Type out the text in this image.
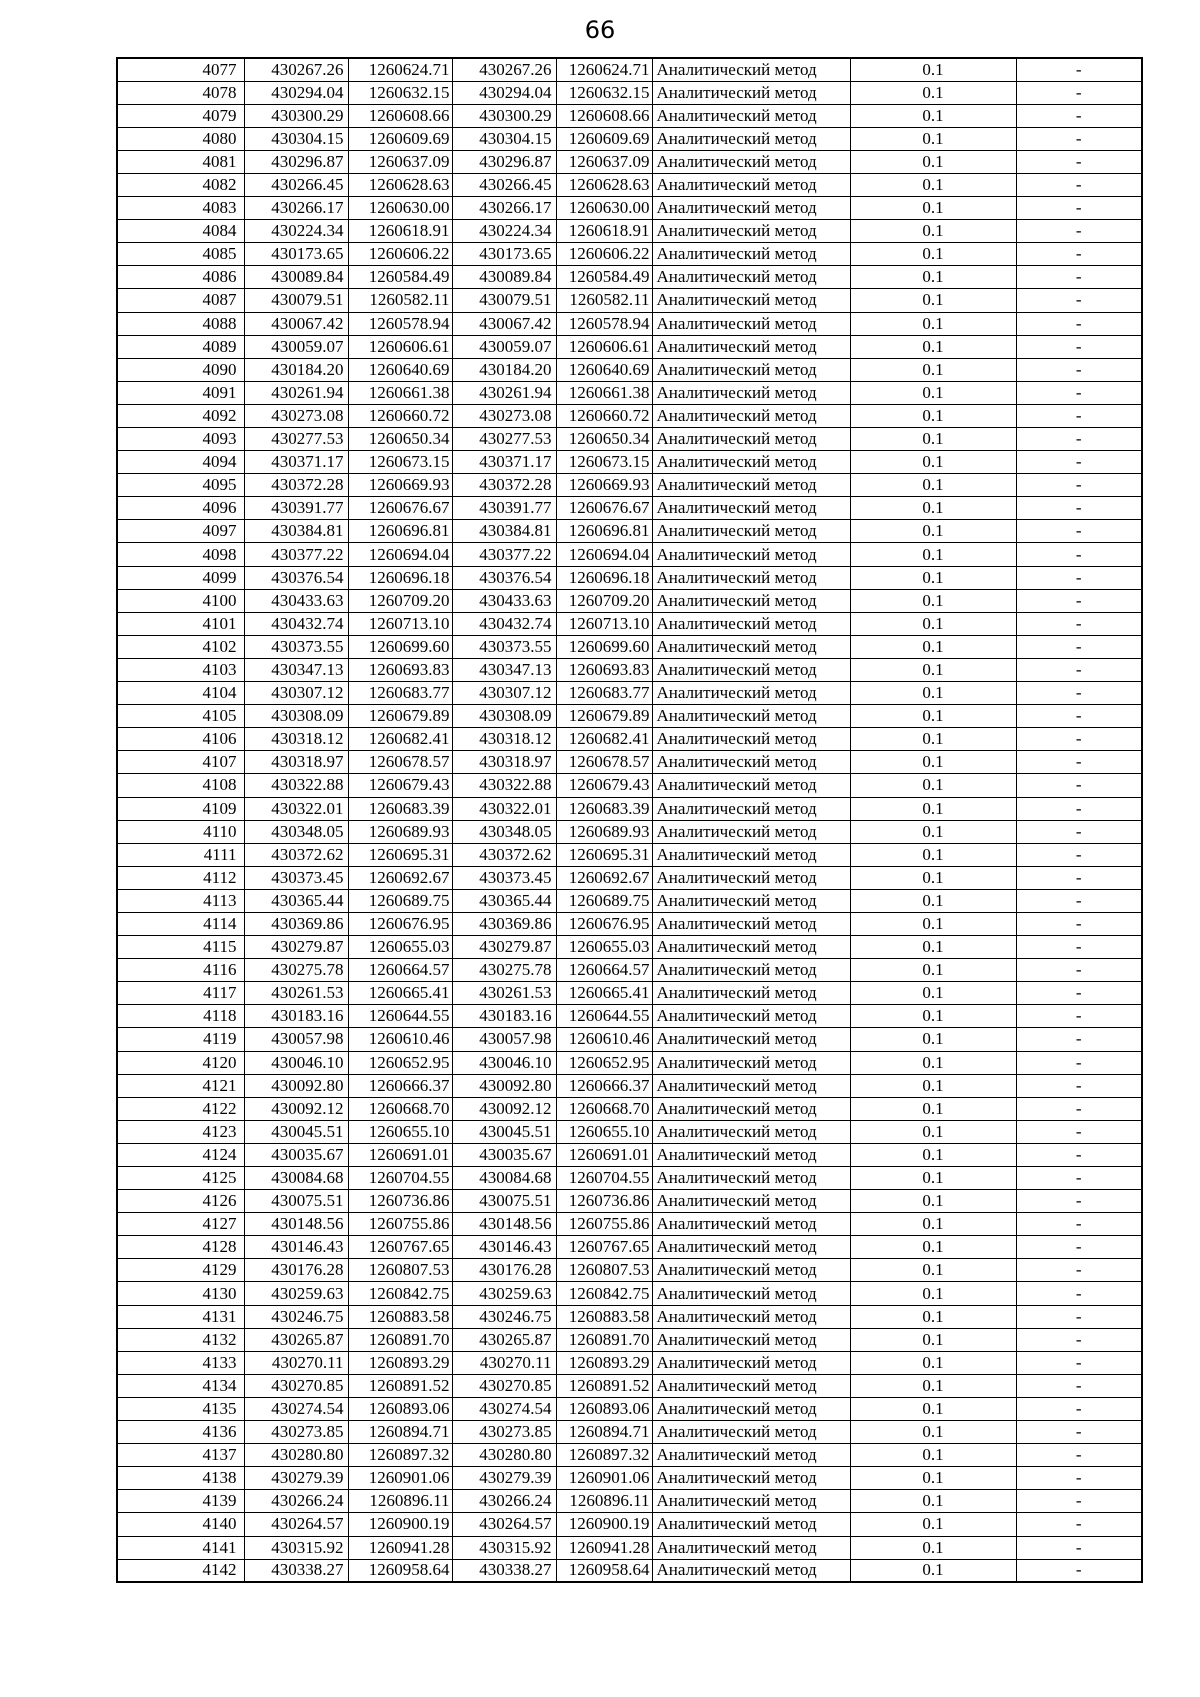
66
4077	430267.26	1260624.71	430267.26	1260624.71	Аналитический метод	0.1	-
4078	430294.04	1260632.15	430294.04	1260632.15	Аналитический метод	0.1	-
4079	430300.29	1260608.66	430300.29	1260608.66	Аналитический метод	0.1	-
4080	430304.15	1260609.69	430304.15	1260609.69	Аналитический метод	0.1	-
4081	430296.87	1260637.09	430296.87	1260637.09	Аналитический метод	0.1	-
4082	430266.45	1260628.63	430266.45	1260628.63	Аналитический метод	0.1	-
4083	430266.17	1260630.00	430266.17	1260630.00	Аналитический метод	0.1	-
4084	430224.34	1260618.91	430224.34	1260618.91	Аналитический метод	0.1	-
4085	430173.65	1260606.22	430173.65	1260606.22	Аналитический метод	0.1	-
4086	430089.84	1260584.49	430089.84	1260584.49	Аналитический метод	0.1	-
4087	430079.51	1260582.11	430079.51	1260582.11	Аналитический метод	0.1	-
4088	430067.42	1260578.94	430067.42	1260578.94	Аналитический метод	0.1	-
4089	430059.07	1260606.61	430059.07	1260606.61	Аналитический метод	0.1	-
4090	430184.20	1260640.69	430184.20	1260640.69	Аналитический метод	0.1	-
4091	430261.94	1260661.38	430261.94	1260661.38	Аналитический метод	0.1	-
4092	430273.08	1260660.72	430273.08	1260660.72	Аналитический метод	0.1	-
4093	430277.53	1260650.34	430277.53	1260650.34	Аналитический метод	0.1	-
4094	430371.17	1260673.15	430371.17	1260673.15	Аналитический метод	0.1	-
4095	430372.28	1260669.93	430372.28	1260669.93	Аналитический метод	0.1	-
4096	430391.77	1260676.67	430391.77	1260676.67	Аналитический метод	0.1	-
4097	430384.81	1260696.81	430384.81	1260696.81	Аналитический метод	0.1	-
4098	430377.22	1260694.04	430377.22	1260694.04	Аналитический метод	0.1	-
4099	430376.54	1260696.18	430376.54	1260696.18	Аналитический метод	0.1	-
4100	430433.63	1260709.20	430433.63	1260709.20	Аналитический метод	0.1	-
4101	430432.74	1260713.10	430432.74	1260713.10	Аналитический метод	0.1	-
4102	430373.55	1260699.60	430373.55	1260699.60	Аналитический метод	0.1	-
4103	430347.13	1260693.83	430347.13	1260693.83	Аналитический метод	0.1	-
4104	430307.12	1260683.77	430307.12	1260683.77	Аналитический метод	0.1	-
4105	430308.09	1260679.89	430308.09	1260679.89	Аналитический метод	0.1	-
4106	430318.12	1260682.41	430318.12	1260682.41	Аналитический метод	0.1	-
4107	430318.97	1260678.57	430318.97	1260678.57	Аналитический метод	0.1	-
4108	430322.88	1260679.43	430322.88	1260679.43	Аналитический метод	0.1	-
4109	430322.01	1260683.39	430322.01	1260683.39	Аналитический метод	0.1	-
4110	430348.05	1260689.93	430348.05	1260689.93	Аналитический метод	0.1	-
4111	430372.62	1260695.31	430372.62	1260695.31	Аналитический метод	0.1	-
4112	430373.45	1260692.67	430373.45	1260692.67	Аналитический метод	0.1	-
4113	430365.44	1260689.75	430365.44	1260689.75	Аналитический метод	0.1	-
4114	430369.86	1260676.95	430369.86	1260676.95	Аналитический метод	0.1	-
4115	430279.87	1260655.03	430279.87	1260655.03	Аналитический метод	0.1	-
4116	430275.78	1260664.57	430275.78	1260664.57	Аналитический метод	0.1	-
4117	430261.53	1260665.41	430261.53	1260665.41	Аналитический метод	0.1	-
4118	430183.16	1260644.55	430183.16	1260644.55	Аналитический метод	0.1	-
4119	430057.98	1260610.46	430057.98	1260610.46	Аналитический метод	0.1	-
4120	430046.10	1260652.95	430046.10	1260652.95	Аналитический метод	0.1	-
4121	430092.80	1260666.37	430092.80	1260666.37	Аналитический метод	0.1	-
4122	430092.12	1260668.70	430092.12	1260668.70	Аналитический метод	0.1	-
4123	430045.51	1260655.10	430045.51	1260655.10	Аналитический метод	0.1	-
4124	430035.67	1260691.01	430035.67	1260691.01	Аналитический метод	0.1	-
4125	430084.68	1260704.55	430084.68	1260704.55	Аналитический метод	0.1	-
4126	430075.51	1260736.86	430075.51	1260736.86	Аналитический метод	0.1	-
4127	430148.56	1260755.86	430148.56	1260755.86	Аналитический метод	0.1	-
4128	430146.43	1260767.65	430146.43	1260767.65	Аналитический метод	0.1	-
4129	430176.28	1260807.53	430176.28	1260807.53	Аналитический метод	0.1	-
4130	430259.63	1260842.75	430259.63	1260842.75	Аналитический метод	0.1	-
4131	430246.75	1260883.58	430246.75	1260883.58	Аналитический метод	0.1	-
4132	430265.87	1260891.70	430265.87	1260891.70	Аналитический метод	0.1	-
4133	430270.11	1260893.29	430270.11	1260893.29	Аналитический метод	0.1	-
4134	430270.85	1260891.52	430270.85	1260891.52	Аналитический метод	0.1	-
4135	430274.54	1260893.06	430274.54	1260893.06	Аналитический метод	0.1	-
4136	430273.85	1260894.71	430273.85	1260894.71	Аналитический метод	0.1	-
4137	430280.80	1260897.32	430280.80	1260897.32	Аналитический метод	0.1	-
4138	430279.39	1260901.06	430279.39	1260901.06	Аналитический метод	0.1	-
4139	430266.24	1260896.11	430266.24	1260896.11	Аналитический метод	0.1	-
4140	430264.57	1260900.19	430264.57	1260900.19	Аналитический метод	0.1	-
4141	430315.92	1260941.28	430315.92	1260941.28	Аналитический метод	0.1	-
4142	430338.27	1260958.64	430338.27	1260958.64	Аналитический метод	0.1	-
